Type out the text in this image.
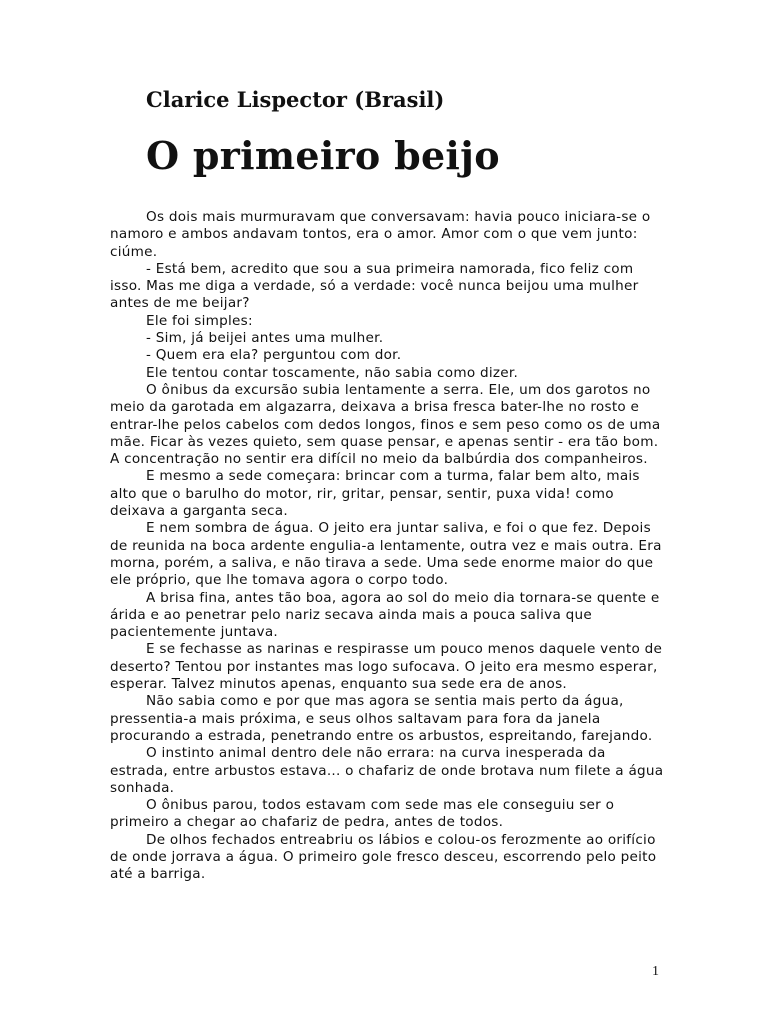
Clarice Lispector (Brasil)
O primeiro beijo

Os dois mais murmuravam que conversavam: havia pouco iniciara-se o namoro e ambos andavam tontos, era o amor. Amor com o que vem junto: ciúme.

- Está bem, acredito que sou a sua primeira namorada, fico feliz com isso. Mas me diga a verdade, só a verdade: você nunca beijou uma mulher antes de me beijar?

Ele foi simples:

- Sim, já beijei antes uma mulher.

- Quem era ela? perguntou com dor.

Ele tentou contar toscamente, não sabia como dizer.

O ônibus da excursão subia lentamente a serra. Ele, um dos garotos no meio da garotada em algazarra, deixava a brisa fresca bater-lhe no rosto e entrar-lhe pelos cabelos com dedos longos, finos e sem peso como os de uma mãe. Ficar às vezes quieto, sem quase pensar, e apenas sentir - era tão bom. A concentração no sentir era difícil no meio da balbúrdia dos companheiros.

E mesmo a sede começara: brincar com a turma, falar bem alto, mais alto que o barulho do motor, rir, gritar, pensar, sentir, puxa vida! como deixava a garganta seca.

E nem sombra de água. O jeito era juntar saliva, e foi o que fez. Depois de reunida na boca ardente engulia-a lentamente, outra vez e mais outra. Era morna, porém, a saliva, e não tirava a sede. Uma sede enorme maior do que ele próprio, que lhe tomava agora o corpo todo.

A brisa fina, antes tão boa, agora ao sol do meio dia tornara-se quente e árida e ao penetrar pelo nariz secava ainda mais a pouca saliva que pacientemente juntava.

E se fechasse as narinas e respirasse um pouco menos daquele vento de deserto? Tentou por instantes mas logo sufocava. O jeito era mesmo esperar, esperar. Talvez minutos apenas, enquanto sua sede era de anos.

Não sabia como e por que mas agora se sentia mais perto da água, pressentia-a mais próxima, e seus olhos saltavam para fora da janela procurando a estrada, penetrando entre os arbustos, espreitando, farejando.

O instinto animal dentro dele não errara: na curva inesperada da estrada, entre arbustos estava... o chafariz de onde brotava num filete a água sonhada.

O ônibus parou, todos estavam com sede mas ele conseguiu ser o primeiro a chegar ao chafariz de pedra, antes de todos.

De olhos fechados entreabriu os lábios e colou-os ferozmente ao orifício de onde jorrava a água. O primeiro gole fresco desceu, escorrendo pelo peito até a barriga.

1
